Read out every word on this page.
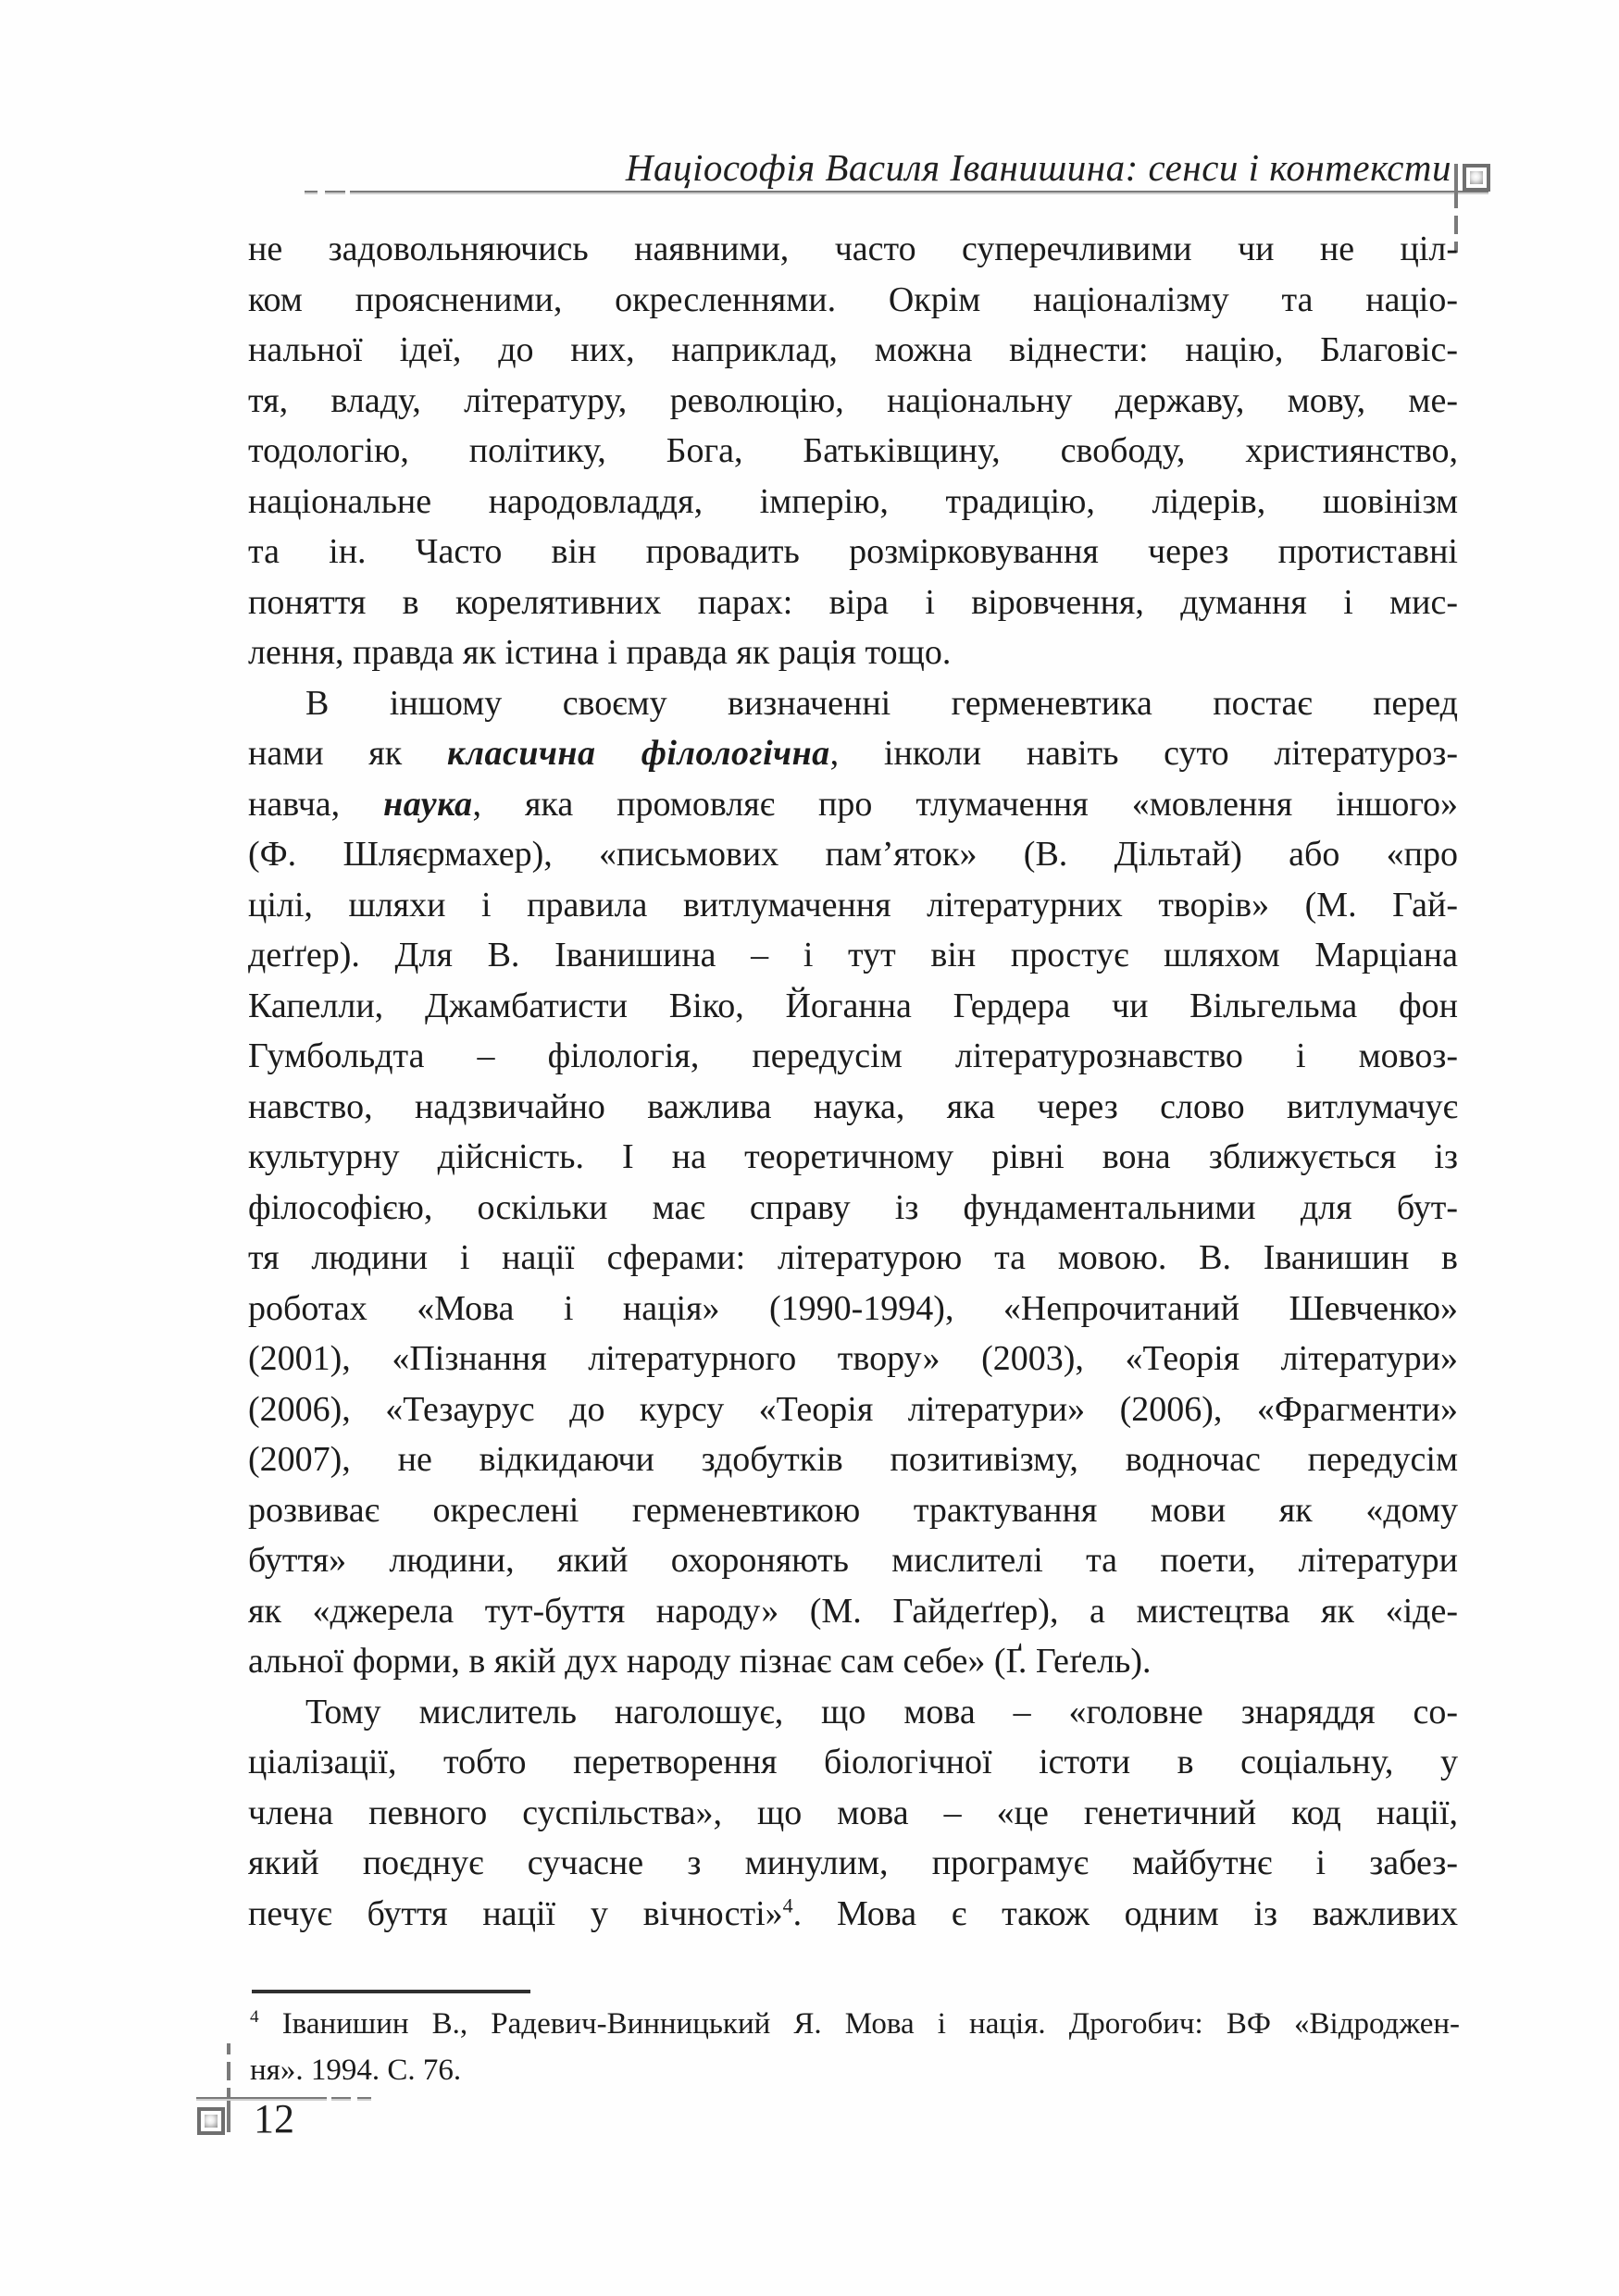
Націософія Василя Іванишина: сенси і контексти
не задовольняючись наявними, часто суперечливими чи не ціл-
ком проясненими, окресленнями. Окрім націоналізму та націо-
нальної ідеї, до них, наприклад, можна віднести: націю, Благовіс-
тя, владу, літературу, революцію, національну державу, мову, ме-
тодологію, політику, Бога, Батьківщину, свободу, християнство,
національне народовладдя, імперію, традицію, лідерів, шовінізм
та ін. Часто він провадить розмірковування через протиставні
поняття в корелятивних парах: віра і віровчення, думання і мис-
лення, правда як істина і правда як рація тощо.
В іншому своєму визначенні герменевтика постає перед
нами як класична філологічна, інколи навіть суто літературоз-
навча, наука, яка промовляє про тлумачення «мовлення іншого»
(Ф. Шляєрмахер), «письмових пам’яток» (В. Дільтай) або «про
цілі, шляхи і правила витлумачення літературних творів» (М. Гай-
деґґер). Для В. Іванишина – і тут він простує шляхом Марціана
Капелли, Джамбатисти Віко, Йоганна Гердера чи Вільгельма фон
Гумбольдта – філологія, передусім літературознавство і мовоз-
навство, надзвичайно важлива наука, яка через слово витлумачує
культурну дійсність. І на теоретичному рівні вона зближується із
філософією, оскільки має справу із фундаментальними для бут-
тя людини і нації сферами: літературою та мовою. В. Іванишин в
роботах «Мова і нація» (1990-1994), «Непрочитаний Шевченко»
(2001), «Пізнання літературного твору» (2003), «Теорія літератури»
(2006), «Тезаурус до курсу «Теорія літератури» (2006), «Фрагменти»
(2007), не відкидаючи здобутків позитивізму, водночас передусім
розвиває окреслені герменевтикою трактування мови як «дому
буття» людини, який охороняють мислителі та поети, літератури
як «джерела тут-буття народу» (М. Гайдеґґер), а мистецтва як «іде-
альної форми, в якій дух народу пізнає сам себе» (Ґ. Геґель).
Тому мислитель наголошує, що мова – «головне знаряддя со-
ціалізації, тобто перетворення біологічної істоти в соціальну, у
члена певного суспільства», що мова – «це генетичний код нації,
який поєднує сучасне з минулим, програмує майбутнє і забез-
печує буття нації у вічності»$^4$. Мова є також одним із важливих
$^4$ Іванишин В., Радевич-Винницький Я. Мова і нація. Дрогобич: ВФ «Відроджен-
ня». 1994. С. 76.
12
